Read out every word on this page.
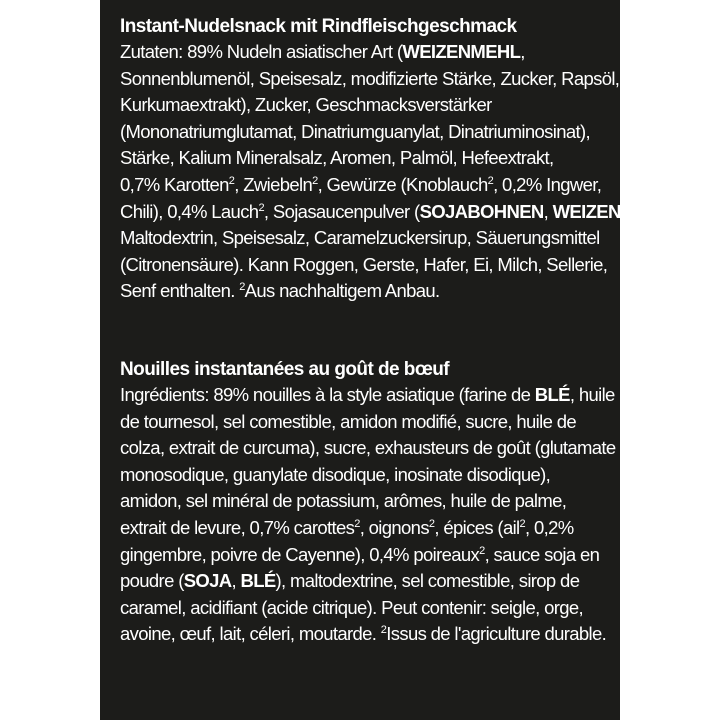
Instant-Nudelsnack mit Rindfleischgeschmack

Zutaten: 89% Nudeln asiatischer Art (WEIZENMEHL,
Sonnenblumenöl, Speisesalz, modifizierte Stärke, Zucker, Rapsöl,
Kurkumaextrakt), Zucker, Geschmacksverstärker
(Mononatriumglutamat, Dinatriumguanylat, Dinatriuminosinat),
Stärke, Kalium Mineralsalz, Aromen, Palmöl, Hefeextrakt,
0,7% Karotten$^2$, Zwiebeln$^2$, Gewürze (Knoblauch$^2$, 0,2% Ingwer,
Chili), 0,4% Lauch$^2$, Sojasaucenpulver (SOJABOHNEN, WEIZEN),
Maltodextrin, Speisesalz, Caramelzuckersirup, Säuerungsmittel
(Citronensäure). Kann Roggen, Gerste, Hafer, Ei, Milch, Sellerie,
Senf enthalten. $^2$Aus nachhaltigem Anbau.

Nouilles instantanées au goût de bœuf

Ingrédients: 89% nouilles à la style asiatique (farine de BLÉ, huile
de tournesol, sel comestible, amidon modifié, sucre, huile de
colza, extrait de curcuma), sucre, exhausteurs de goût (glutamate
monosodique, guanylate disodique, inosinate disodique),
amidon, sel minéral de potassium, arômes, huile de palme,
extrait de levure, 0,7% carottes$^2$, oignons$^2$, épices (ail$^2$, 0,2%
gingembre, poivre de Cayenne), 0,4% poireaux$^2$, sauce soja en
poudre (SOJA, BLÉ), maltodextrine, sel comestible, sirop de
caramel, acidifiant (acide citrique). Peut contenir: seigle, orge,
avoine, œuf, lait, céleri, moutarde. $^2$Issus de l'agriculture durable.
